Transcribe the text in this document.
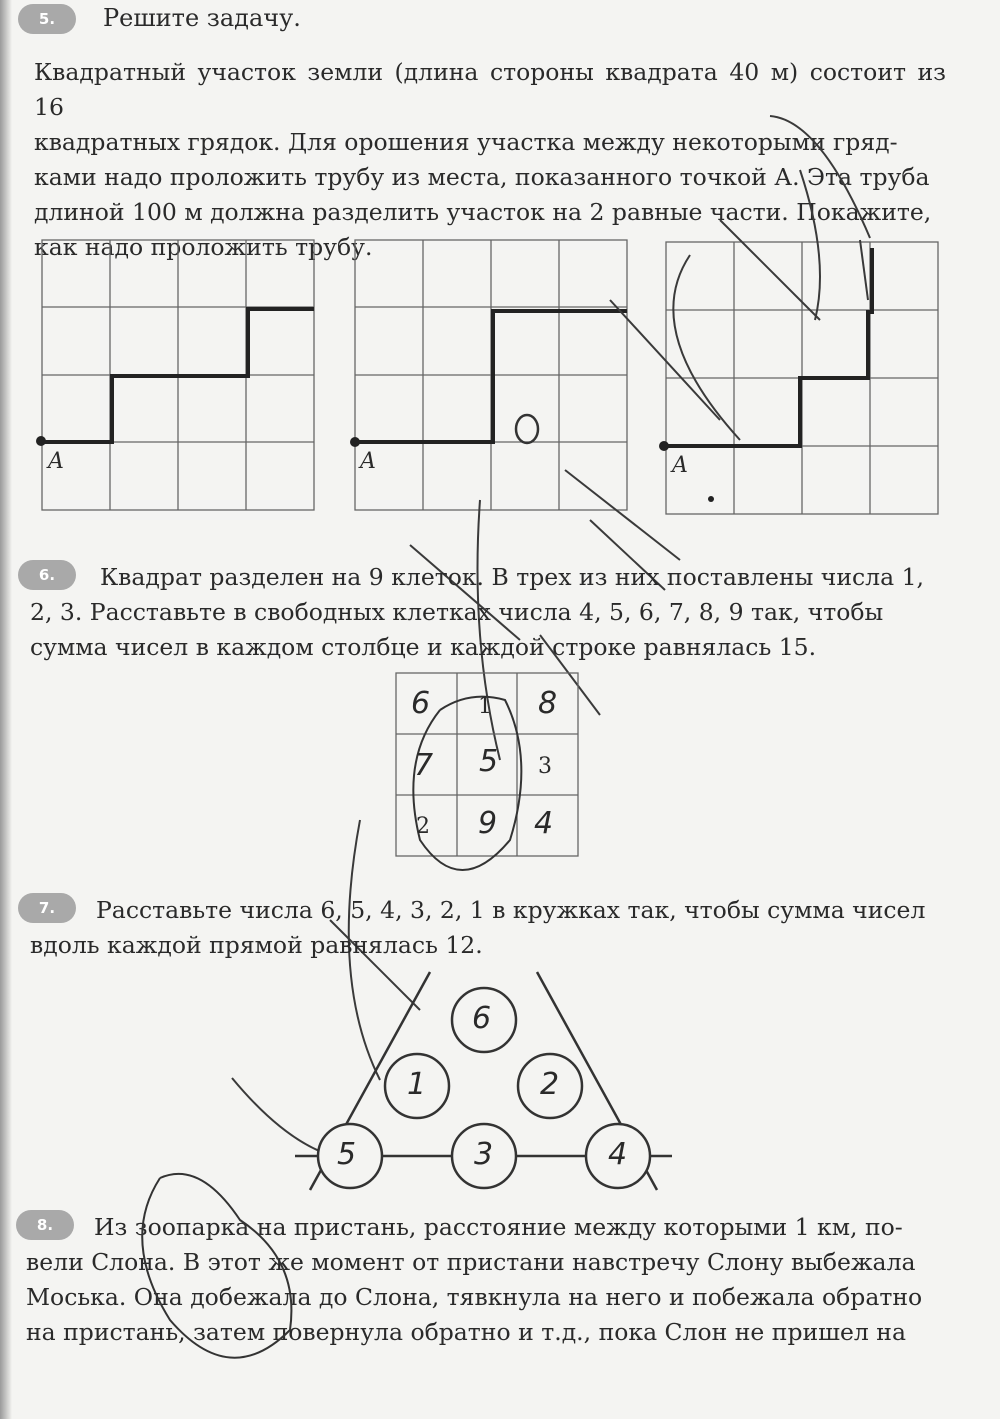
5.	Решите задачу.
Квадратный участок земли (длина стороны квадрата 40 м) состоит из 16
квадратных грядок. Для орошения участка между некоторыми гряд-
ками надо проложить трубу из места, показанного точкой А. Эта труба
длиной 100 м должна разделить участок на 2 равные части. Покажите,
как надо проложить трубу.
A	A	A
6.	Квадрат разделен на 9 клеток. В трех из них поставлены числа 1,
2, 3. Расставьте в свободных клетках числа 4, 5, 6, 7, 8, 9 так, чтобы
сумма чисел в каждом столбце и каждой строке равнялась 15.
6 1 8
7 5 3
2 9 4
7.	Расставьте числа 6, 5, 4, 3, 2, 1 в кружках так, чтобы сумма чисел
вдоль каждой прямой равнялась 12.
6
1	2
5	3	4
8.	Из зоопарка на пристань, расстояние между которыми 1 км, по-
вели Слона. В этот же момент от пристани навстречу Слону выбежала
Моська. Она добежала до Слона, тявкнула на него и побежала обратно
на пристань, затем повернула обратно и т.д., пока Слон не пришел на
